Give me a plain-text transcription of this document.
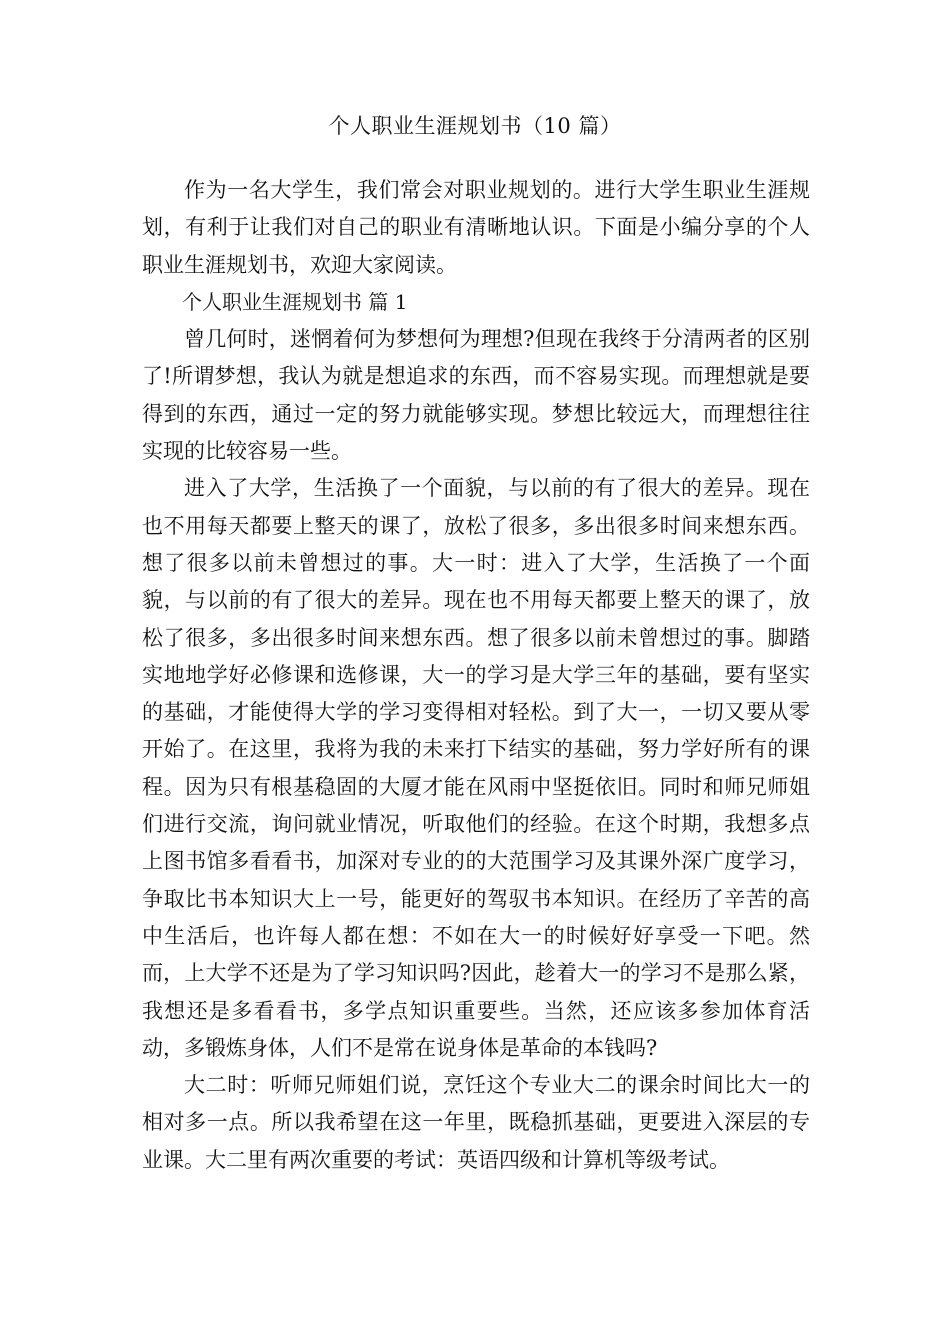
个人职业生涯规划书（10 篇）

作为一名大学生，我们常会对职业规划的。进行大学生职业生涯规划，有利于让我们对自己的职业有清晰地认识。下面是小编分享的个人职业生涯规划书，欢迎大家阅读。

个人职业生涯规划书 篇 1

曾几何时，迷惘着何为梦想何为理想?但现在我终于分清两者的区别了!所谓梦想，我认为就是想追求的东西，而不容易实现。而理想就是要得到的东西，通过一定的努力就能够实现。梦想比较远大，而理想往往实现的比较容易一些。

进入了大学，生活换了一个面貌，与以前的有了很大的差异。现在也不用每天都要上整天的课了，放松了很多，多出很多时间来想东西。想了很多以前未曾想过的事。大一时：进入了大学，生活换了一个面貌，与以前的有了很大的差异。现在也不用每天都要上整天的课了，放松了很多，多出很多时间来想东西。想了很多以前未曾想过的事。脚踏实地地学好必修课和选修课，大一的学习是大学三年的基础，要有坚实的基础，才能使得大学的学习变得相对轻松。到了大一，一切又要从零开始了。在这里，我将为我的未来打下结实的基础，努力学好所有的课程。因为只有根基稳固的大厦才能在风雨中坚挺依旧。同时和师兄师姐们进行交流，询问就业情况，听取他们的经验。在这个时期，我想多点上图书馆多看看书，加深对专业的的大范围学习及其课外深广度学习，争取比书本知识大上一号，能更好的驾驭书本知识。在经历了辛苦的高中生活后，也许每人都在想：不如在大一的时候好好享受一下吧。然而，上大学不还是为了学习知识吗?因此，趁着大一的学习不是那么紧，我想还是多看看书，多学点知识重要些。当然，还应该多参加体育活动，多锻炼身体，人们不是常在说身体是革命的本钱吗?

大二时：听师兄师姐们说，烹饪这个专业大二的课余时间比大一的相对多一点。所以我希望在这一年里，既稳抓基础，更要进入深层的专业课。大二里有两次重要的考试：英语四级和计算机等级考试。
